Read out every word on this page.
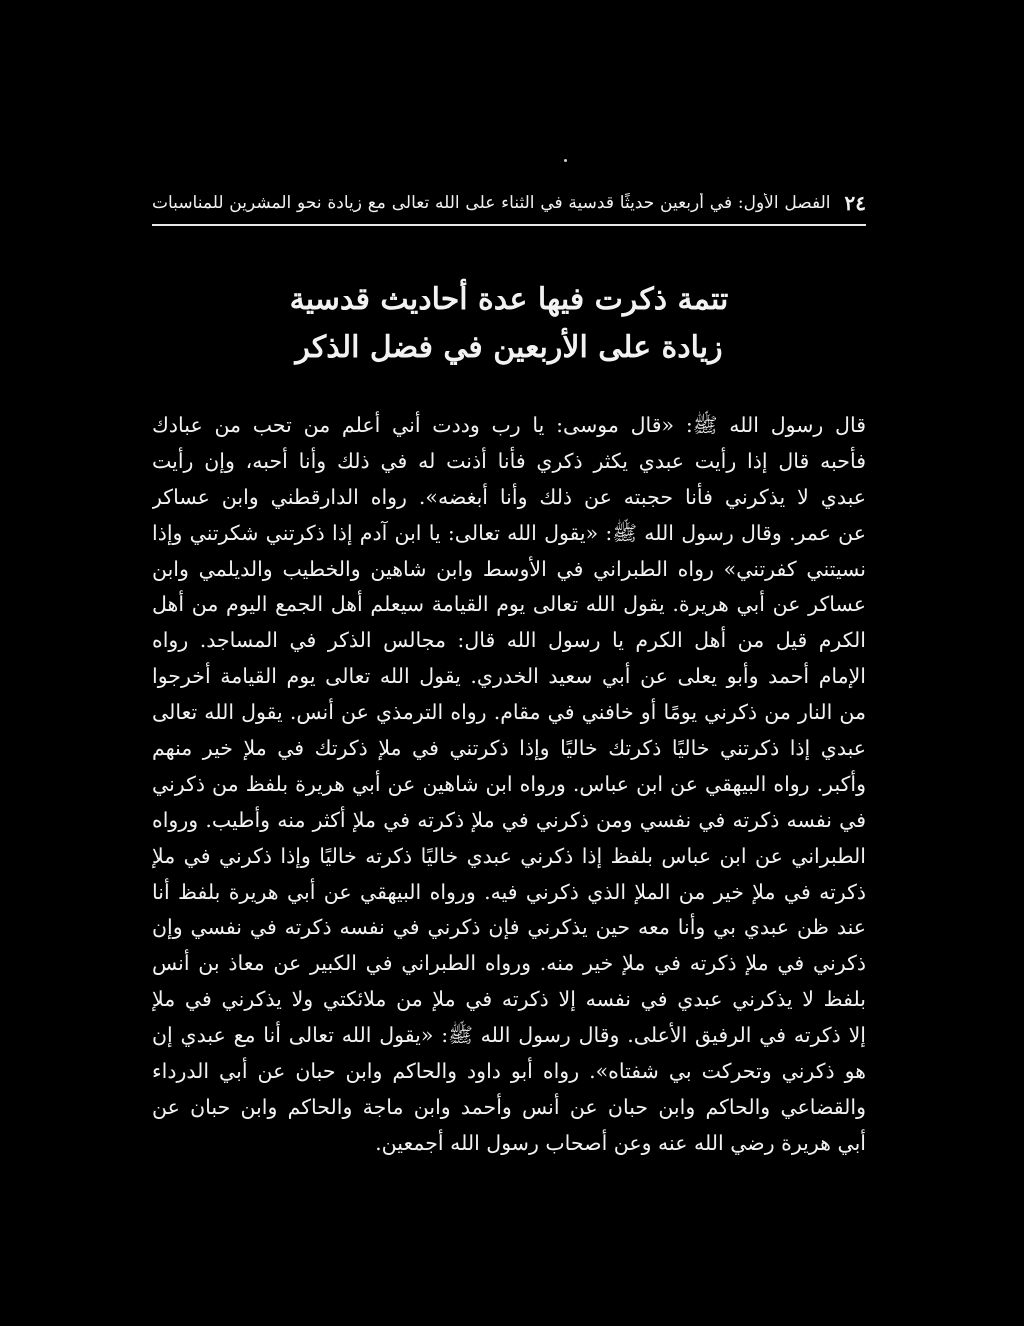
٢٤
الفصل الأول: في أربعين حديثًا قدسية في الثناء على الله تعالى مع زيادة نحو المشرين للمناسبات
تتمة ذكرت فيها عدة أحاديث قدسية
زيادة على الأربعين في فضل الذكر
قال رسول الله ﷺ: «قال موسى: يا رب وددت أني أعلم من تحب من عبادك
فأحبه قال إذا رأيت عبدي يكثر ذكري فأنا أذنت له في ذلك وأنا أحبه، وإن رأيت
عبدي لا يذكرني فأنا حجبته عن ذلك وأنا أبغضه». رواه الدارقطني وابن عساكر
عن عمر. وقال رسول الله ﷺ: «يقول الله تعالى: يا ابن آدم إذا ذكرتني شكرتني وإذا
نسيتني كفرتني» رواه الطبراني في الأوسط وابن شاهين والخطيب والديلمي وابن
عساكر عن أبي هريرة. يقول الله تعالى يوم القيامة سيعلم أهل الجمع اليوم من أهل
الكرم قيل من أهل الكرم يا رسول الله قال: مجالس الذكر في المساجد. رواه
الإمام أحمد وأبو يعلى عن أبي سعيد الخدري. يقول الله تعالى يوم القيامة أخرجوا
من النار من ذكرني يومًا أو خافني في مقام. رواه الترمذي عن أنس. يقول الله تعالى
عبدي إذا ذكرتني خاليًا ذكرتك خاليًا وإذا ذكرتني في ملإ ذكرتك في ملإ خير منهم
وأكبر. رواه البيهقي عن ابن عباس. ورواه ابن شاهين عن أبي هريرة بلفظ من ذكرني
في نفسه ذكرته في نفسي ومن ذكرني في ملإ ذكرته في ملإ أكثر منه وأطيب. ورواه
الطبراني عن ابن عباس بلفظ إذا ذكرني عبدي خاليًا ذكرته خاليًا وإذا ذكرني في ملإ
ذكرته في ملإ خير من الملإ الذي ذكرني فيه. ورواه البيهقي عن أبي هريرة بلفظ أنا
عند ظن عبدي بي وأنا معه حين يذكرني فإن ذكرني في نفسه ذكرته في نفسي وإن
ذكرني في ملإ ذكرته في ملإ خير منه. ورواه الطبراني في الكبير عن معاذ بن أنس
بلفظ لا يذكرني عبدي في نفسه إلا ذكرته في ملإ من ملائكتي ولا يذكرني في ملإ
إلا ذكرته في الرفيق الأعلى. وقال رسول الله ﷺ: «يقول الله تعالى أنا مع عبدي إن
هو ذكرني وتحركت بي شفتاه». رواه أبو داود والحاكم وابن حبان عن أبي الدرداء
والقضاعي والحاكم وابن حبان عن أنس وأحمد وابن ماجة والحاكم وابن حبان عن
أبي هريرة رضي الله عنه وعن أصحاب رسول الله أجمعين.
